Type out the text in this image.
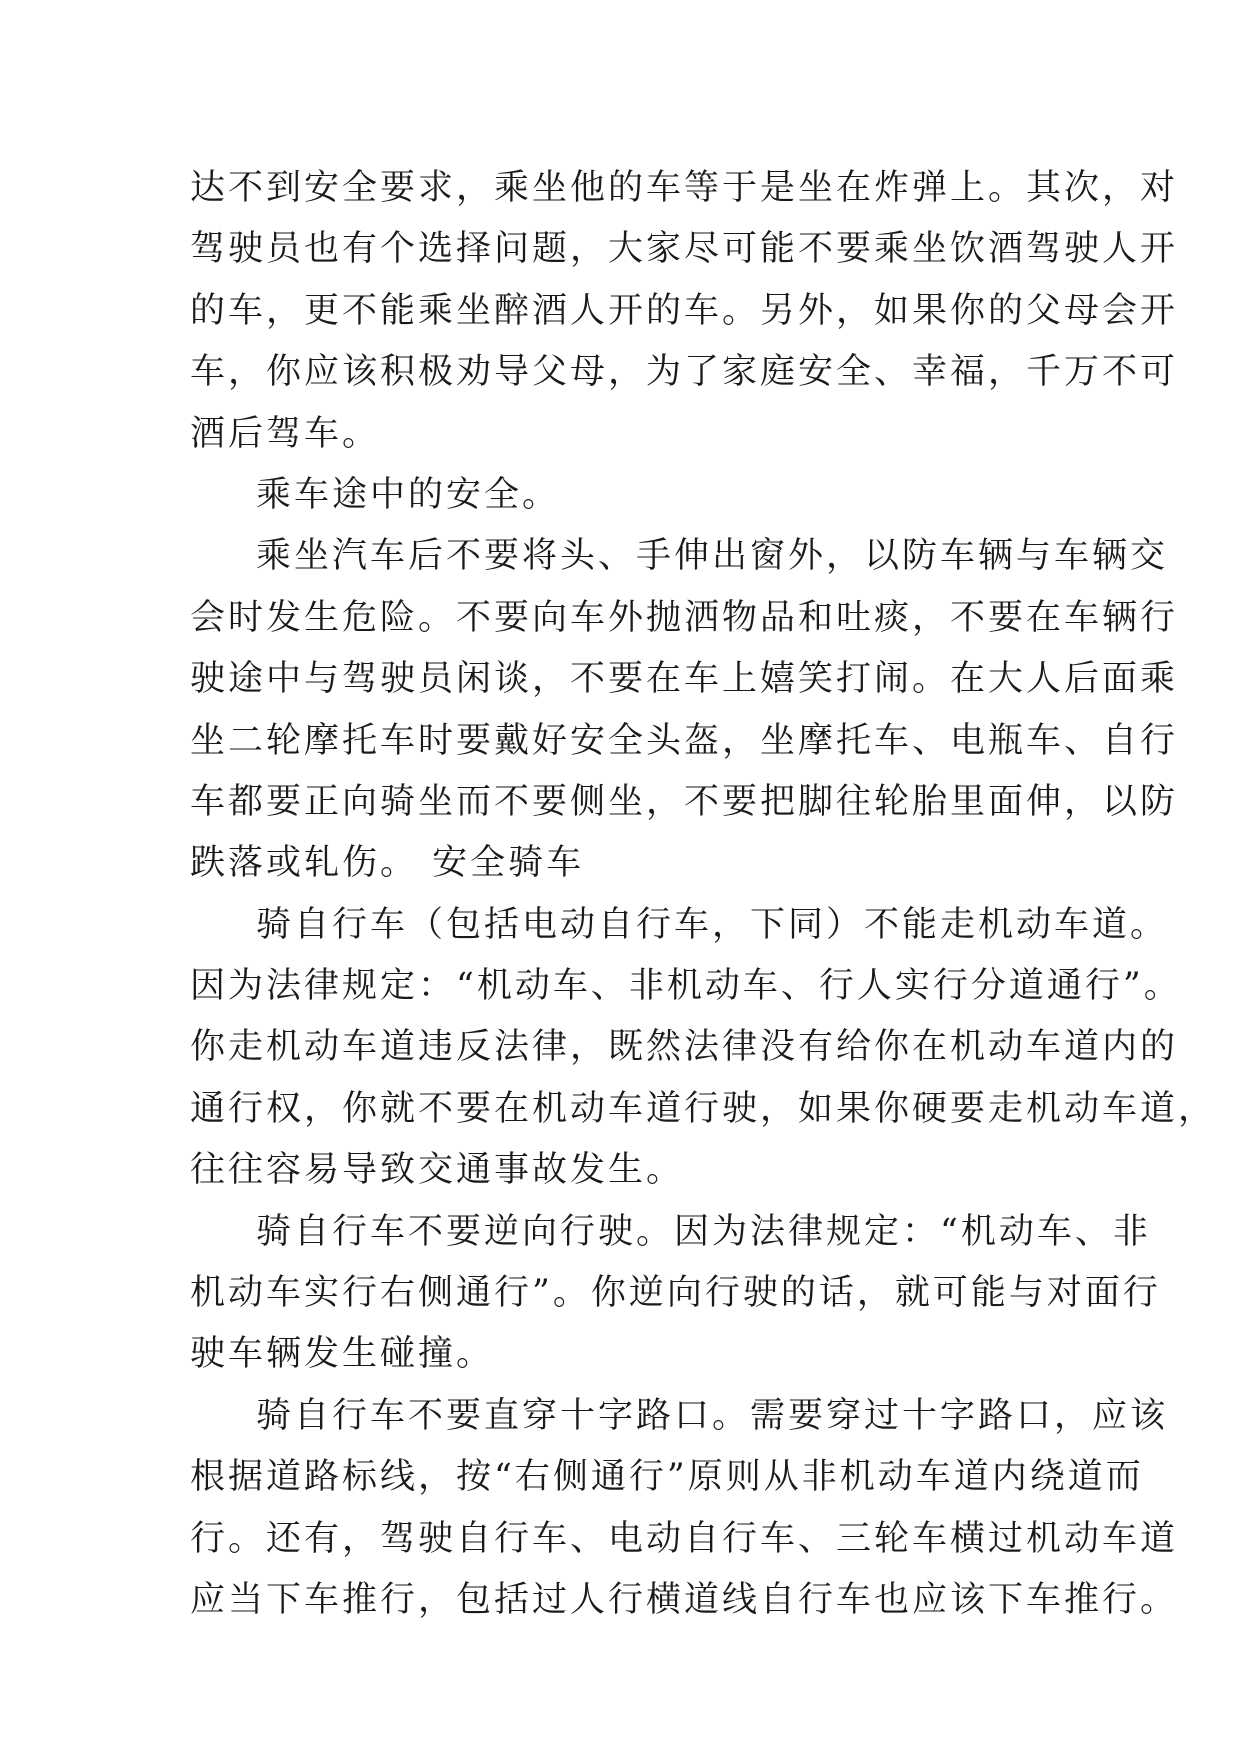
达不到安全要求，乘坐他的车等于是坐在炸弹上。其次，对
驾驶员也有个选择问题，大家尽可能不要乘坐饮酒驾驶人开
的车，更不能乘坐醉酒人开的车。另外，如果你的父母会开
车，你应该积极劝导父母，为了家庭安全、幸福，千万不可
酒后驾车。
乘车途中的安全。
乘坐汽车后不要将头、手伸出窗外，以防车辆与车辆交
会时发生危险。不要向车外抛洒物品和吐痰，不要在车辆行
驶途中与驾驶员闲谈，不要在车上嬉笑打闹。在大人后面乘
坐二轮摩托车时要戴好安全头盔，坐摩托车、电瓶车、自行
车都要正向骑坐而不要侧坐，不要把脚往轮胎里面伸，以防
跌落或轧伤。 安全骑车
骑自行车（包括电动自行车，下同）不能走机动车道。
因为法律规定：“机动车、非机动车、行人实行分道通行”。
你走机动车道违反法律，既然法律没有给你在机动车道内的
通行权，你就不要在机动车道行驶，如果你硬要走机动车道，
往往容易导致交通事故发生。
骑自行车不要逆向行驶。因为法律规定：“机动车、非
机动车实行右侧通行”。你逆向行驶的话，就可能与对面行
驶车辆发生碰撞。
骑自行车不要直穿十字路口。需要穿过十字路口，应该
根据道路标线，按“右侧通行”原则从非机动车道内绕道而
行。还有，驾驶自行车、电动自行车、三轮车横过机动车道
应当下车推行，包括过人行横道线自行车也应该下车推行。
